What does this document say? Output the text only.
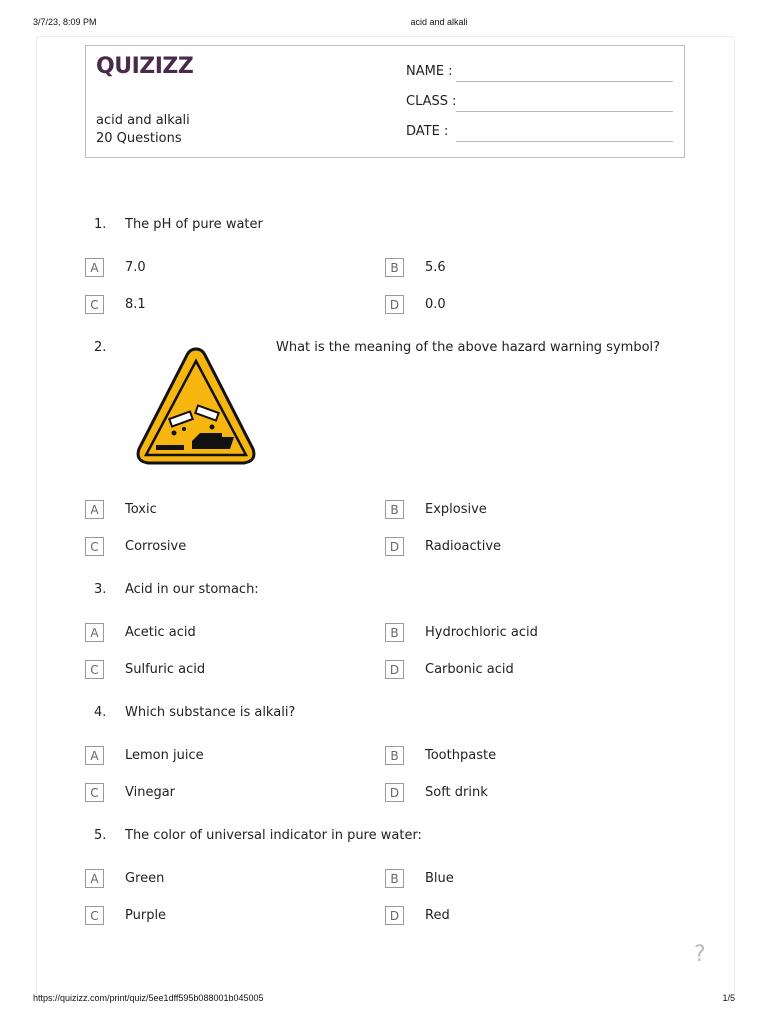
3/7/23, 8:09 PM	acid and alkali
QUIZIZZ
acid and alkali
20 Questions
NAME :
CLASS :
DATE :
1. The pH of pure water
A	7.0	B	5.6
C	8.1	D	0.0
2.	What is the meaning of the above hazard warning symbol?
A	Toxic	B	Explosive
C	Corrosive	D	Radioactive
3. Acid in our stomach:
A	Acetic acid	B	Hydrochloric acid
C	Sulfuric acid	D	Carbonic acid
4. Which substance is alkali?
A	Lemon juice	B	Toothpaste
C	Vinegar	D	Soft drink
5. The color of universal indicator in pure water:
A	Green	B	Blue
C	Purple	D	Red
?
https://quizizz.com/print/quiz/5ee1dff595b088001b045005	1/5
